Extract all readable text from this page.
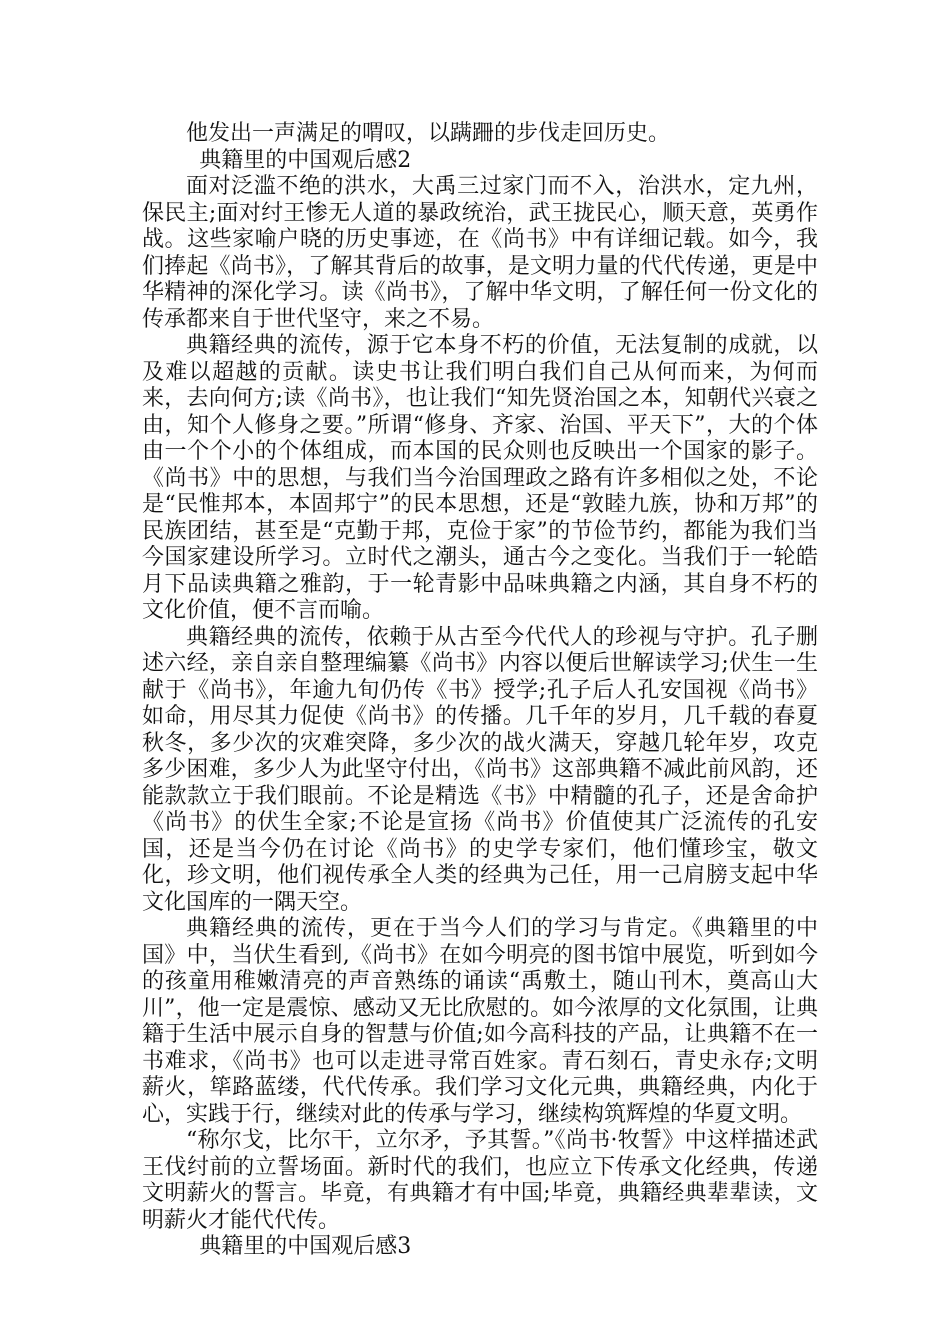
他发出一声满足的喟叹，以蹒跚的步伐走回历史。

典籍里的中国观后感2

面对泛滥不绝的洪水，大禹三过家门而不入，治洪水，定九州，保民主;面对纣王惨无人道的暴政统治，武王拢民心，顺天意，英勇作战。这些家喻户晓的历史事迹，在《尚书》中有详细记载。如今，我们捧起《尚书》，了解其背后的故事，是文明力量的代代传递，更是中华精神的深化学习。读《尚书》，了解中华文明，了解任何一份文化的传承都来自于世代坚守，来之不易。

典籍经典的流传，源于它本身不朽的价值，无法复制的成就，以及难以超越的贡献。读史书让我们明白我们自己从何而来，为何而来，去向何方;读《尚书》，也让我们“知先贤治国之本，知朝代兴衰之由，知个人修身之要。”所谓“修身、齐家、治国、平天下”，大的个体由一个个小的个体组成，而本国的民众则也反映出一个国家的影子。《尚书》中的思想，与我们当今治国理政之路有许多相似之处，不论是“民惟邦本，本固邦宁”的民本思想，还是“敦睦九族，协和万邦”的民族团结，甚至是“克勤于邦，克俭于家”的节俭节约，都能为我们当今国家建设所学习。立时代之潮头，通古今之变化。当我们于一轮皓月下品读典籍之雅韵，于一轮青影中品味典籍之内涵，其自身不朽的文化价值，便不言而喻。

典籍经典的流传，依赖于从古至今代代人的珍视与守护。孔子删述六经，亲自亲自整理编纂《尚书》内容以便后世解读学习;伏生一生献于《尚书》，年逾九旬仍传《书》授学;孔子后人孔安国视《尚书》如命，用尽其力促使《尚书》的传播。几千年的岁月，几千载的春夏秋冬，多少次的灾难突降，多少次的战火满天，穿越几轮年岁，攻克多少困难，多少人为此坚守付出，《尚书》这部典籍不减此前风韵，还能款款立于我们眼前。不论是精选《书》中精髓的孔子，还是舍命护《尚书》的伏生全家;不论是宣扬《尚书》价值使其广泛流传的孔安国，还是当今仍在讨论《尚书》的史学专家们，他们懂珍宝，敬文化，珍文明，他们视传承全人类的经典为己任，用一己肩膀支起中华文化国库的一隅天空。

典籍经典的流传，更在于当今人们的学习与肯定。《典籍里的中国》中，当伏生看到,《尚书》在如今明亮的图书馆中展览，听到如今的孩童用稚嫩清亮的声音熟练的诵读“禹敷土，随山刊木，奠高山大川”，他一定是震惊、感动又无比欣慰的。如今浓厚的文化氛围，让典籍于生活中展示自身的智慧与价值;如今高科技的产品，让典籍不在一书难求，《尚书》也可以走进寻常百姓家。青石刻石，青史永存;文明薪火，筚路蓝缕，代代传承。我们学习文化元典，典籍经典，内化于心，实践于行，继续对此的传承与学习，继续构筑辉煌的华夏文明。

“称尔戈，比尔干，立尔矛，予其誓。”《尚书·牧誓》中这样描述武王伐纣前的立誓场面。新时代的我们，也应立下传承文化经典，传递文明薪火的誓言。毕竟，有典籍才有中国;毕竟，典籍经典辈辈读，文明薪火才能代代传。

典籍里的中国观后感3
